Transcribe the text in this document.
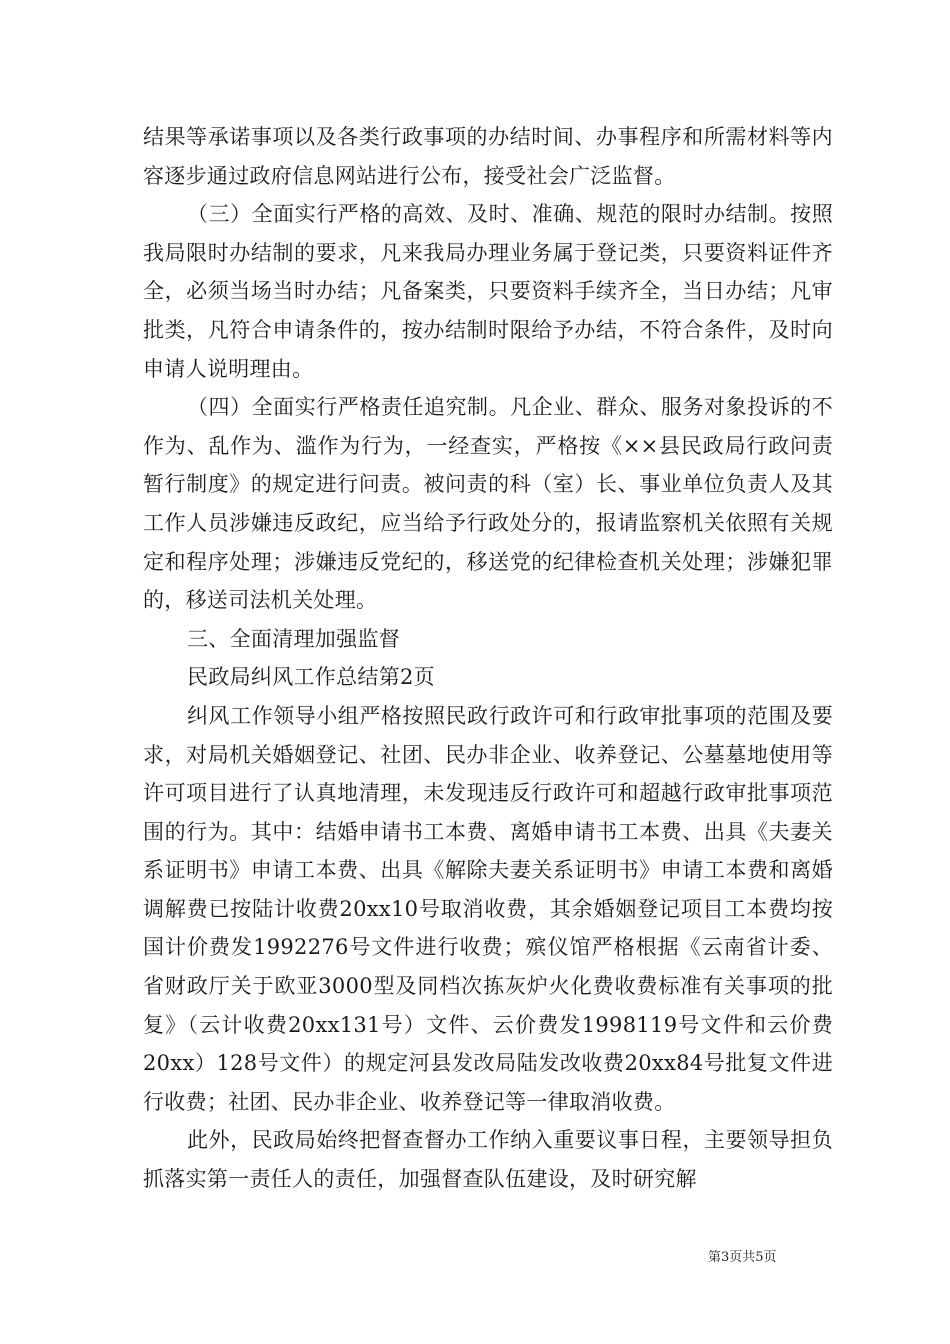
结果等承诺事项以及各类行政事项的办结时间、办事程序和所需材料等内容逐步通过政府信息网站进行公布，接受社会广泛监督。

（三）全面实行严格的高效、及时、准确、规范的限时办结制。按照我局限时办结制的要求，凡来我局办理业务属于登记类，只要资料证件齐全，必须当场当时办结；凡备案类，只要资料手续齐全，当日办结；凡审批类，凡符合申请条件的，按办结制时限给予办结，不符合条件，及时向申请人说明理由。

（四）全面实行严格责任追究制。凡企业、群众、服务对象投诉的不作为、乱作为、滥作为行为，一经查实，严格按《××县民政局行政问责暂行制度》的规定进行问责。被问责的科（室）长、事业单位负责人及其工作人员涉嫌违反政纪，应当给予行政处分的，报请监察机关依照有关规定和程序处理；涉嫌违反党纪的，移送党的纪律检查机关处理；涉嫌犯罪的，移送司法机关处理。

三、全面清理加强监督

民政局纠风工作总结第2页

纠风工作领导小组严格按照民政行政许可和行政审批事项的范围及要求，对局机关婚姻登记、社团、民办非企业、收养登记、公墓墓地使用等许可项目进行了认真地清理，未发现违反行政许可和超越行政审批事项范围的行为。其中：结婚申请书工本费、离婚申请书工本费、出具《夫妻关系证明书》申请工本费、出具《解除夫妻关系证明书》申请工本费和离婚调解费已按陆计收费20xx10号取消收费，其余婚姻登记项目工本费均按国计价费发1992276号文件进行收费；殡仪馆严格根据《云南省计委、省财政厅关于欧亚3000型及同档次拣灰炉火化费收费标准有关事项的批复》（云计收费20xx131号）文件、云价费发1998119号文件和云价费20xx）128号文件）的规定河县发改局陆发改收费20xx84号批复文件进行收费；社团、民办非企业、收养登记等一律取消收费。

此外，民政局始终把督查督办工作纳入重要议事日程，主要领导担负抓落实第一责任人的责任，加强督查队伍建设，及时研究解

第3页共5页
